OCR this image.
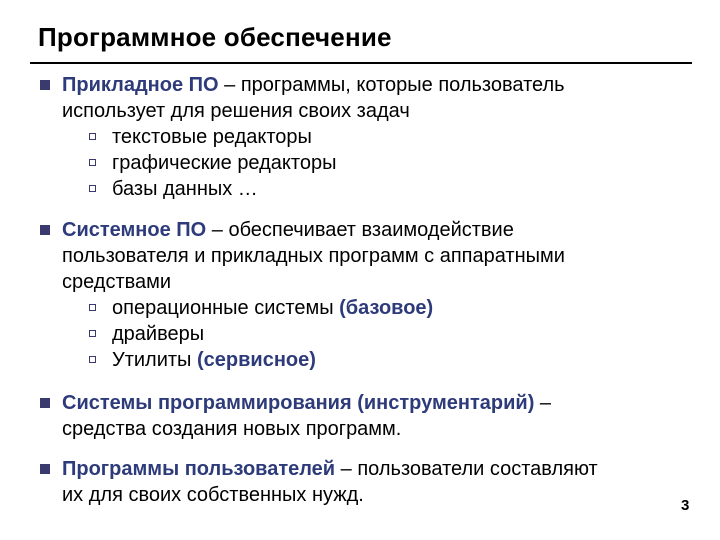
Программное обеспечение
Прикладное ПО – программы, которые пользователь
использует для решения своих задач
текстовые редакторы
графические редакторы
базы данных …
Системное ПО – обеспечивает взаимодействие
пользователя и прикладных программ с аппаратными
средствами
операционные системы (базовое)
драйверы
Утилиты (сервисное)
Системы программирования (инструментарий) –
средства создания новых программ.
Программы пользователей – пользователи составляют
их для своих собственных нужд.	3
